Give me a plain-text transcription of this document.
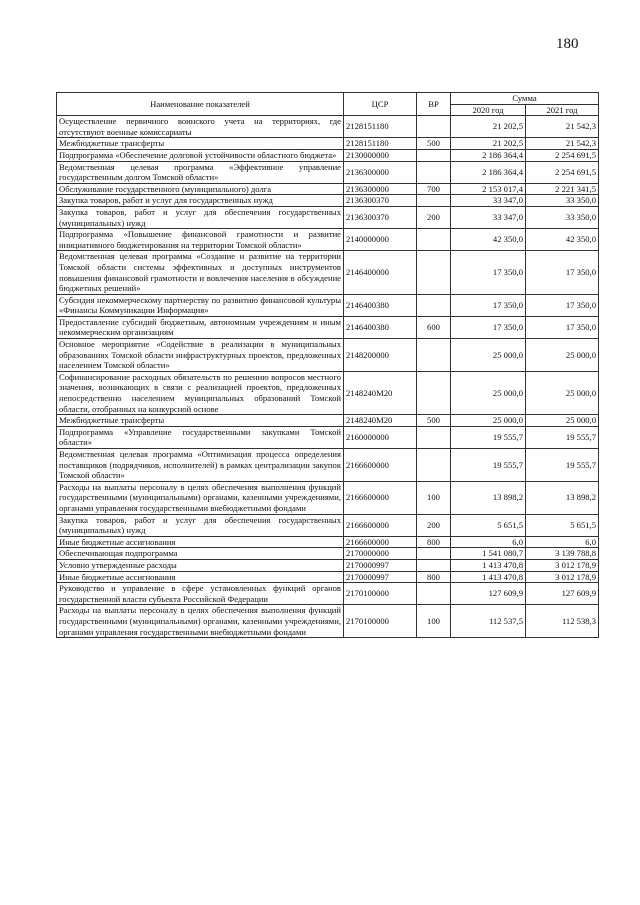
180
Наименование показателей	ЦСР	ВР	Сумма	
			2020 год	2021 год
Осуществление первичного воинского учета на территориях, где отсутствуют военные комиссариаты	2128151180		21 202,5	21 542,3
Межбюджетные трансферты	2128151180	500	21 202,5	21 542,3
Подпрограмма «Обеспечение долговой устойчивости областного бюджета»	2130000000		2 186 364,4	2 254 691,5
Ведомственная целевая программа «Эффективное управление государственным долгом Томской области»	2136300000		2 186 364,4	2 254 691,5
Обслуживание государственного (муниципального) долга	2136300000	700	2 153 017,4	2 221 341,5
Закупка товаров, работ и услуг для государственных нужд	2136300370		33 347,0	33 350,0
Закупка товаров, работ и услуг для обеспечения государственных (муниципальных) нужд	2136300370	200	33 347,0	33 350,0
Подпрограмма «Повышение финансовой грамотности и развитие инициативного бюджетирования на территории Томской области»	2140000000		42 350,0	42 350,0
Ведомственная целевая программа «Создание и развитие на территории Томской области системы эффективных и доступных инструментов повышения финансовой грамотности и вовлечения населения в обсуждение бюджетных решений»	2146400000		17 350,0	17 350,0
Субсидия некоммерческому партнерству по развитию финансовой культуры «Финансы Коммуникации Информация»	2146400380		17 350,0	17 350,0
Предоставление субсидий бюджетным, автономным учреждениям и иным некоммерческим организациям	2146400380	600	17 350,0	17 350,0
Основное мероприятие «Содействие в реализации в муниципальных образованиях Томской области инфраструктурных проектов, предложенных населением Томской области»	2148200000		25 000,0	25 000,0
Софинансирование расходных обязательств по решению вопросов местного значения, возникающих в связи с реализацией проектов, предложенных непосредственно населением муниципальных образований Томской области, отобранных на конкурсной основе	2148240М20		25 000,0	25 000,0
Межбюджетные трансферты	2148240М20	500	25 000,0	25 000,0
Подпрограмма «Управление государственными закупками Томской области»	2160000000		19 555,7	19 555,7
Ведомственная целевая программа «Оптимизация процесса определения поставщиков (подрядчиков, исполнителей) в рамках централизации закупок Томской области»	2166600000		19 555,7	19 555,7
Расходы на выплаты персоналу в целях обеспечения выполнения функций государственными (муниципальными) органами, казенными учреждениями, органами управления государственными внебюджетными фондами	2166600000	100	13 898,2	13 898,2
Закупка товаров, работ и услуг для обеспечения государственных (муниципальных) нужд	2166600000	200	5 651,5	5 651,5
Иные бюджетные ассигнования	2166600000	800	6,0	6,0
Обеспечивающая подпрограмма	2170000000		1 541 080,7	3 139 788,8
Условно утвержденные расходы	2170000997		1 413 470,8	3 012 178,9
Иные бюджетные ассигнования	2170000997	800	1 413 470,8	3 012 178,9
Руководство и управление в сфере установленных функций органов государственной власти субъекта Российской Федерации	2170100000		127 609,9	127 609,9
Расходы на выплаты персоналу в целях обеспечения выполнения функций государственными (муниципальными) органами, казенными учреждениями, органами управления государственными внебюджетными фондами	2170100000	100	112 537,5	112 538,3
